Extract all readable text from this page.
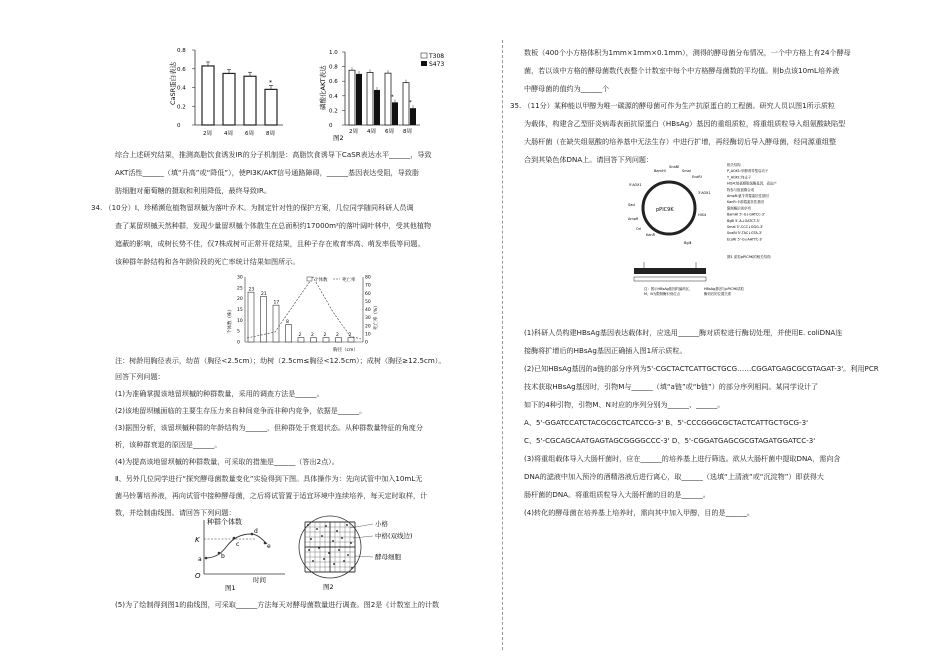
CaSR蛋白表达
0
0.2
0.4
0.6
0.8
2周 4周 6周 8周
*	磷酸化AKT表达
0
0.2
0.4
0.6
0.8
1.0
2周 4周 6周
*
8周
*
T308
S473
图2

综合上述研究结果，推测高脂饮食诱发IR的分子机制是：高脂饮食诱导下CaSR表达水平______，导致

AKT活性______（填“升高”或“降低”），使PI3K/AKT信号通路障碍，______基因表达受阻，导致脂

肪细胞对葡萄糖的摄取和利用降低，最终导致IR。

34. （10分）Ⅰ、珍稀濒危植物留坝槭为落叶乔木。为制定针对性的保护方案，几位同学随同科研人员调

查了某留坝槭天然种群，发现少量留坝槭个体散生在总面积约17000m²的落叶阔叶林中，受其他植物

遮蔽的影响，成树长势不佳，仅7株成树可正常开花结果，且种子存在败育率高、萌发率低等问题。

该种群年龄结构和各年龄阶段的死亡率统计结果如图所示。

个体数（株）	死亡率（%）
0
5
10
15
20
25
30
0
10
20
30
40
50
60
70
80
23
21
17
8
2 2 2 2 2
个体数	死亡率
胸径（cm）

注：树龄用胸径表示，幼苗（胸径<2.5cm）；幼树（2.5cm≤胸径<12.5cm）；成树（胸径≥12.5cm）。

回答下列问题：

(1)为准确掌握该地留坝槭的种群数量，采用的调查方法是______。

(2)该地留坝槭面临的主要生存压力来自种间竞争而非种内竞争，依据是______。

(3)据图分析，该留坝槭种群的年龄结构为______，但种群处于衰退状态。从种群数量特征的角度分

析，该种群衰退的原因是______。

(4)为提高该地留坝槭的种群数量，可采取的措施是______（答出2点）。

Ⅱ、另外几位同学进行“探究酵母菌数量变化”实验得到下图。具体操作为：先向试管中加入10mL无

菌马铃薯培养液，再向试管中接种酵母菌，之后将试管置于适宜环境中连续培养，每天定时取样，计

数，并绘制曲线图。请回答下列问题：

种群个体数
K
O
a	b
c
d
e
时间
图1
小格
中格(双线边)
酵母细胞
图2

(5)为了绘制得到图1的曲线图，可采取______方法每天对酵母菌数量进行调查。图2是《计数室上的计数

数板（400个小方格体积为1mm×1mm×0.1mm），测得的酵母菌分布情况，一个中方格上有24个酵母

菌，若以该中方格的酵母菌数代表整个计数室中每个中方格酵母菌数的平均值。则b点该10mL培养液

中酵母菌的值约为______个

35. （11分）某种能以甲醇为唯一碳源的酵母菌可作为生产抗原蛋白的工程菌。研究人员以图1所示质粒

为载体，构建含乙型肝炎病毒表面抗原蛋白（HBsAg）基因的重组质粒，将重组质粒导入组氨酸缺陷型

大肠杆菌（在缺失组氨酸的培养基中无法生存）中进行扩增，再经酶切后导入酵母菌，经同源重组整

合到其染色体DNA上。请回答下列问题：

pPIC9K
BamHⅠ
SnaBⅠ
SmaⅠ
EcoRⅠ
SacⅠ
BglⅡ
5'AOX1
3'AOX1
HIS4
AmpR
KanR
Ori
相关结构
P_AOX1:甲醇诱导型启动子
T_AOX1:终止子
HIS4:组氨醇脱氢酶基因，表达产
物参与组氨酸合成
AmpR:氨苄青霉素抗性基因
KanR:卡那霉素抗性基因
限制酶识别序列
BamHⅠ 5'-G↓GATCC-3'
BglⅡ 5'-A↓GATCT-3'
SmaⅠ 5'-CCC↓GGG-3'
SnaBⅠ 5'-TAC↓GTA-3'
EcoRⅠ 5'-G↓AATTC-3'
图1 质粒pPIC9K的相关结构
注：图示HBsAg基因的编码区，
M、N为限制酶识别位点
HBsAg基因与pPIC9K质粒
酶切后的位置关系

(1)科研人员构建HBsAg基因表达载体时，应选用______酶对质粒进行酶切处理，并使用E. coliDNA连

接酶将扩增后的HBsAg基因正确插入图1所示质粒。

(2)已知HBsAg基因的a链的部分序列为5'-CGCTACTCATTGCTGCG……CGGATGAGCGCGTAGAT-3'。利用PCR

技术获取HBsAg基因时，引物M与______（填“a链”或“b链”）的部分序列相同。某同学设计了

如下的4种引物，引物M、N对应的序列分别为______、______。

A、5'-GGATCCATCTACGCGCTCATCCG-3' B、5'-CCCGGGCGCTACTCATTGCTGCG-3'

C、5'-CGCAGCAATGAGTAGCGGGGCCC-3' D、5'-CGGATGAGCGCGTAGATGGATCC-3'

(3)将重组载体导入大肠杆菌时，应在______的培养基上进行筛选。欲从大肠杆菌中提取DNA，需向含

DNA的滤液中加入预冷的酒精溶液后进行离心，取______（选填“上清液”或“沉淀物”）即获得大

肠杆菌的DNA。将重组质粒导入大肠杆菌的目的是______。

(4)转化的酵母菌在培养基上培养时，需向其中加入甲醇，目的是______。
